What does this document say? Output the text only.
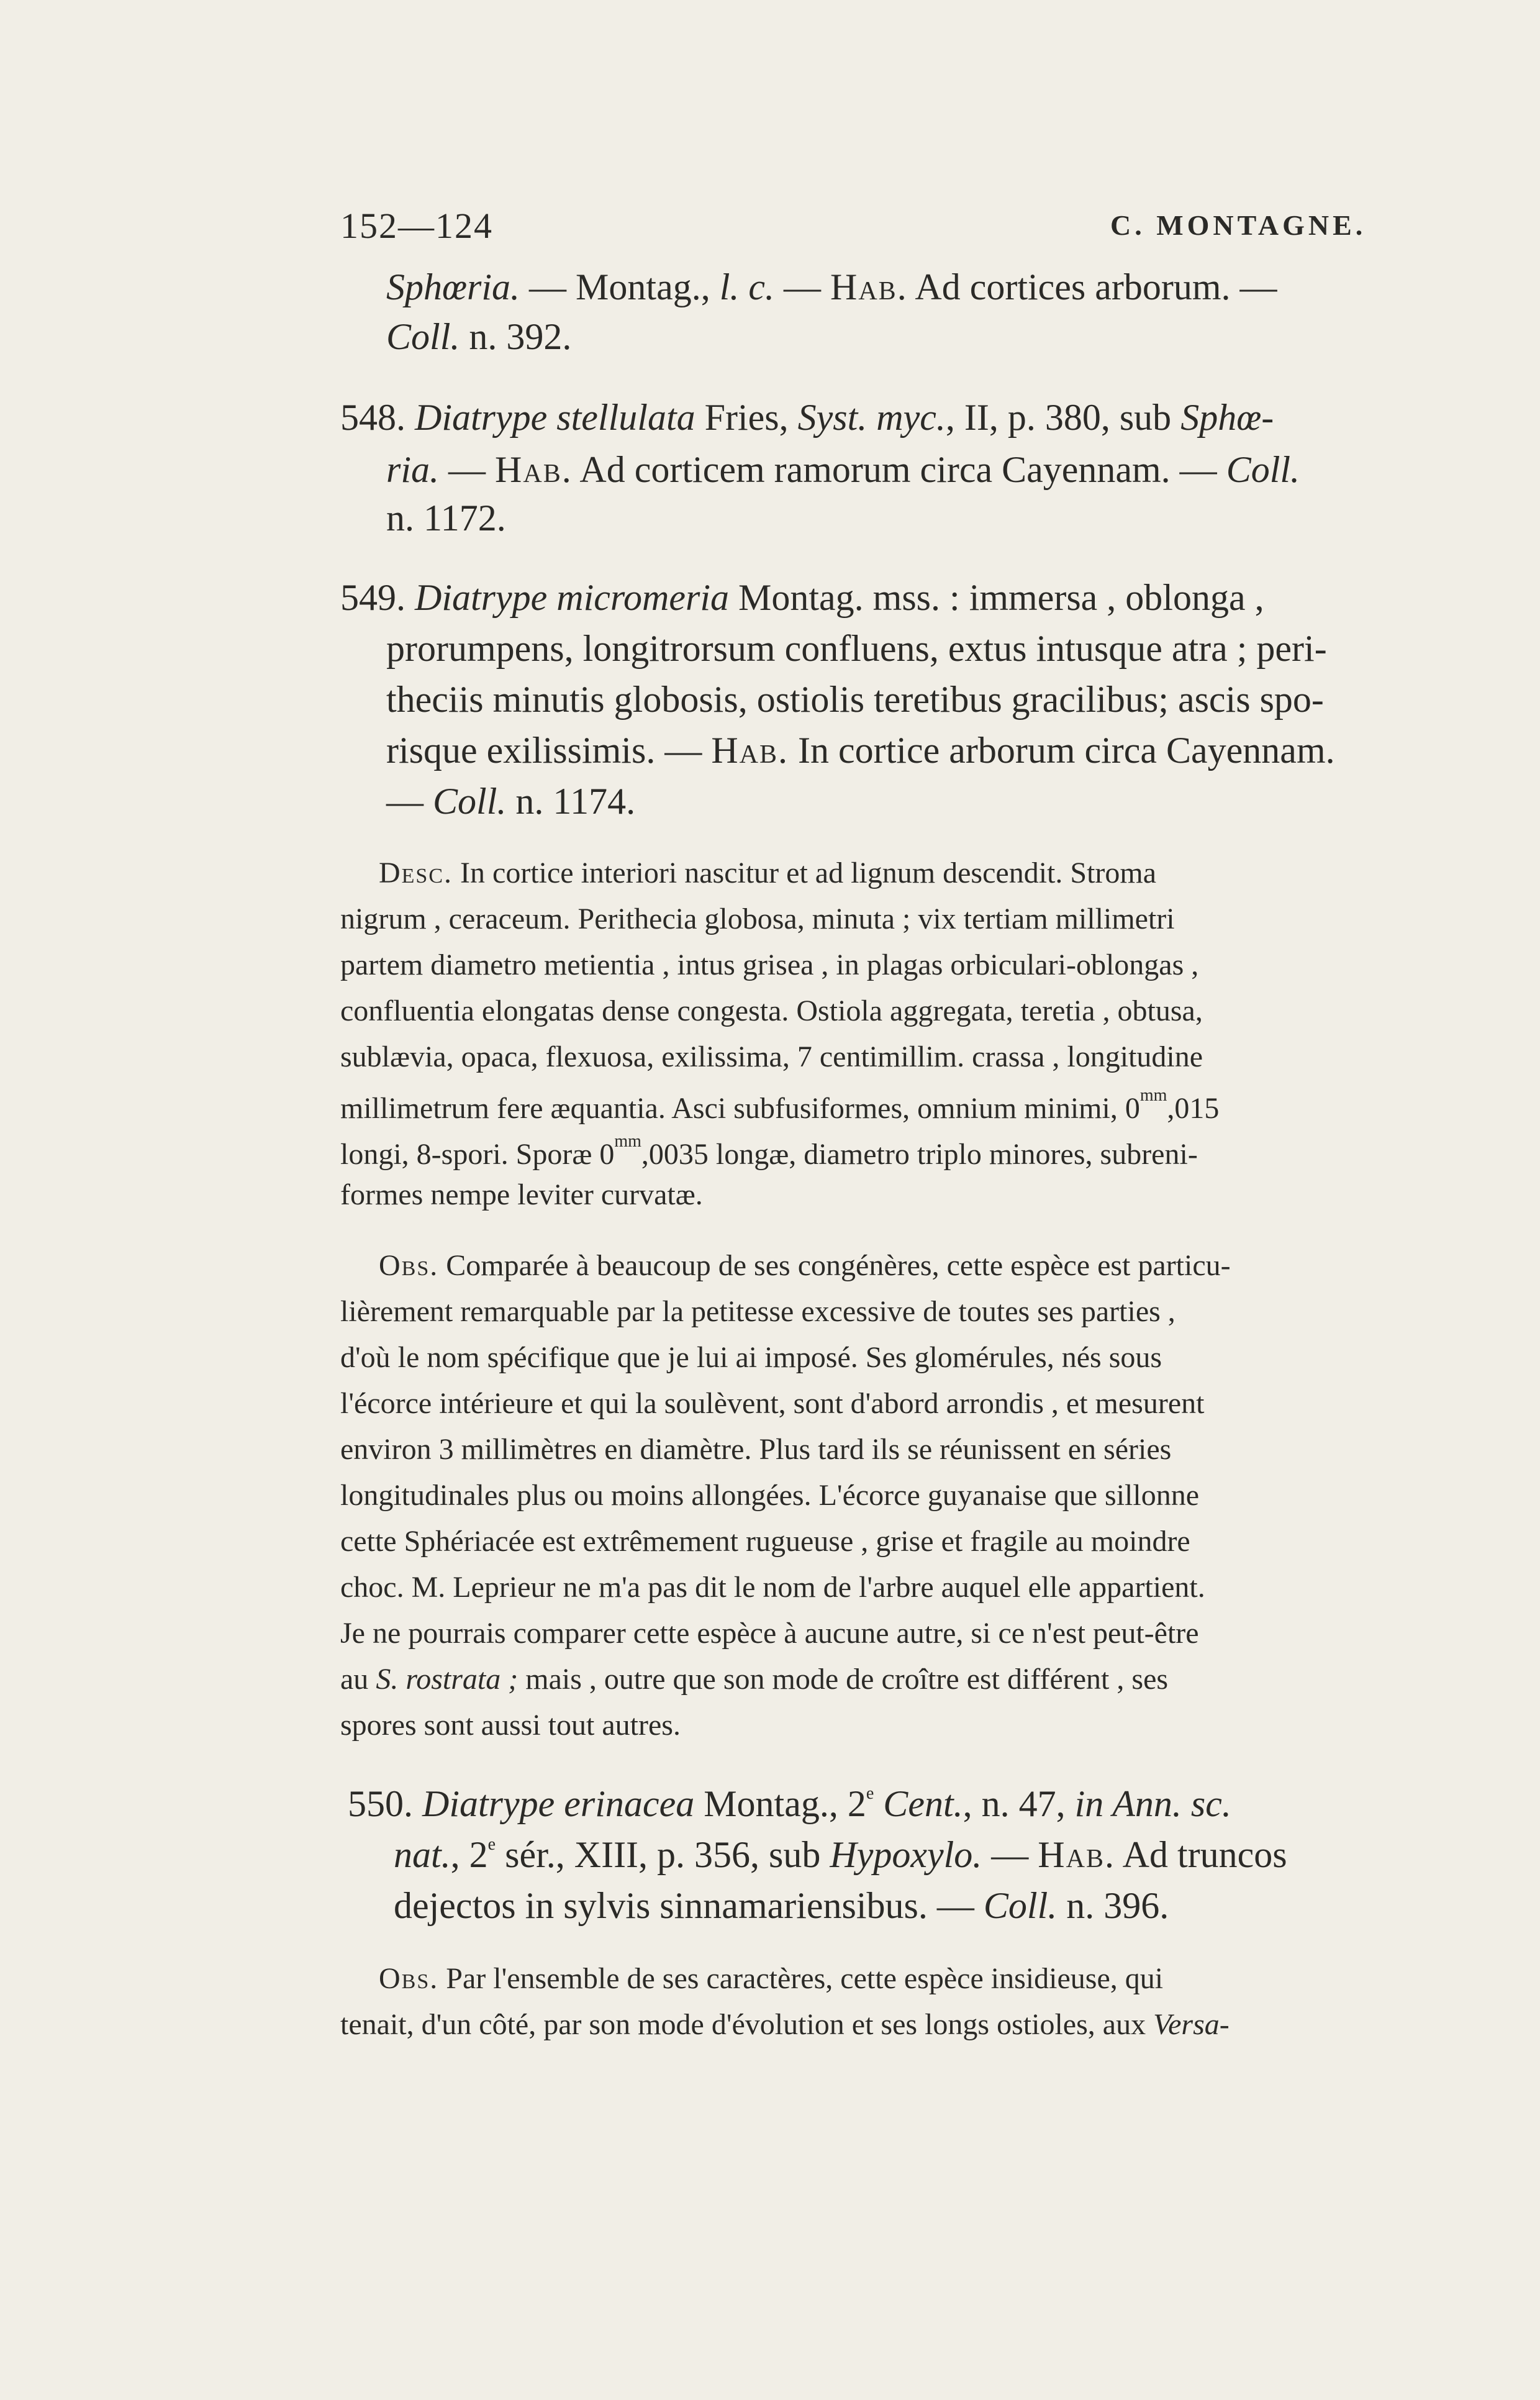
152—124	C. MONTAGNE.
Sphœria. — Montag., l. c. — Hab. Ad cortices arborum. —
Coll. n. 392.
548. Diatrype stellulata Fries, Syst. myc., II, p. 380, sub Sphœ-
ria. — Hab. Ad corticem ramorum circa Cayennam. — Coll.
n. 1172.
549. Diatrype micromeria Montag. mss. : immersa , oblonga ,
prorumpens, longitrorsum confluens, extus intusque atra ; peri-
theciis minutis globosis, ostiolis teretibus gracilibus; ascis spo-
risque exilissimis. — Hab. In cortice arborum circa Cayennam.
— Coll. n. 1174.
Desc. In cortice interiori nascitur et ad lignum descendit. Stroma
nigrum , ceraceum. Perithecia globosa, minuta ; vix tertiam millimetri
partem diametro metientia , intus grisea , in plagas orbiculari-oblongas ,
confluentia elongatas dense congesta. Ostiola aggregata, teretia , obtusa,
sublævia, opaca, flexuosa, exilissima, 7 centimillim. crassa , longitudine
millimetrum fere æquantia. Asci subfusiformes, omnium minimi, $0^{mm},015$
longi, 8-spori. Sporæ $0^{mm},0035$ longæ, diametro triplo minores, subreni-
formes nempe leviter curvatæ.
Obs. Comparée à beaucoup de ses congénères, cette espèce est particu-
lièrement remarquable par la petitesse excessive de toutes ses parties ,
d'où le nom spécifique que je lui ai imposé. Ses glomérules, nés sous
l'écorce intérieure et qui la soulèvent, sont d'abord arrondis , et mesurent
environ 3 millimètres en diamètre. Plus tard ils se réunissent en séries
longitudinales plus ou moins allongées. L'écorce guyanaise que sillonne
cette Sphériacée est extrêmement rugueuse , grise et fragile au moindre
choc. M. Leprieur ne m'a pas dit le nom de l'arbre auquel elle appartient.
Je ne pourrais comparer cette espèce à aucune autre, si ce n'est peut-être
au S. rostrata ; mais , outre que son mode de croître est différent , ses
spores sont aussi tout autres.
550. Diatrype erinacea Montag., 2e Cent., n. 47, in Ann. sc.
nat., 2e sér., XIII, p. 356, sub Hypoxylo. — Hab. Ad truncos
dejectos in sylvis sinnamariensibus. — Coll. n. 396.
Obs. Par l'ensemble de ses caractères, cette espèce insidieuse, qui
tenait, d'un côté, par son mode d'évolution et ses longs ostioles, aux Versa-
